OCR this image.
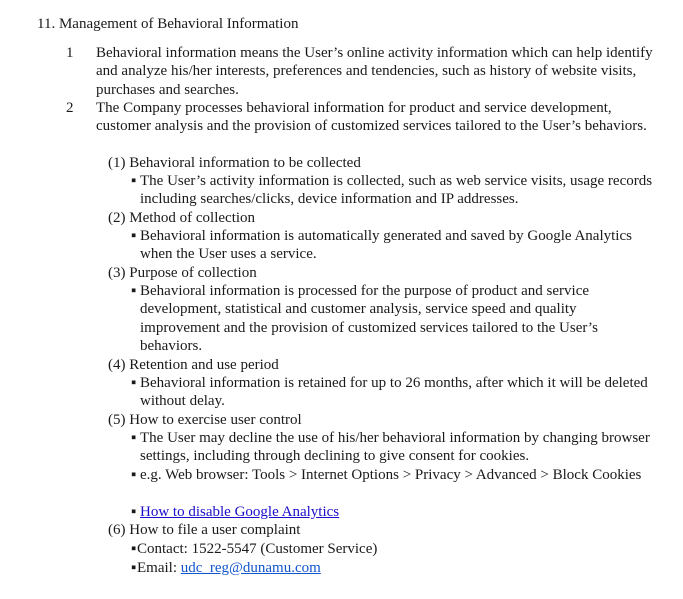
11. Management of Behavioral Information
1 Behavioral information means the User’s online activity information which can help identify and analyze his/her interests, preferences and tendencies, such as history of website visits, purchases and searches.
2 The Company processes behavioral information for product and service development, customer analysis and the provision of customized services tailored to the User’s behaviors.
(1) Behavioral information to be collected
▪ The User’s activity information is collected, such as web service visits, usage records including searches/clicks, device information and IP addresses.
(2) Method of collection
▪ Behavioral information is automatically generated and saved by Google Analytics when the User uses a service.
(3) Purpose of collection
▪ Behavioral information is processed for the purpose of product and service development, statistical and customer analysis, service speed and quality improvement and the provision of customized services tailored to the User’s behaviors.
(4) Retention and use period
▪ Behavioral information is retained for up to 26 months, after which it will be deleted without delay.
(5) How to exercise user control
▪ The User may decline the use of his/her behavioral information by changing browser settings, including through declining to give consent for cookies.
▪ e.g. Web browser: Tools > Internet Options > Privacy > Advanced > Block Cookies
▪ How to disable Google Analytics
(6) How to file a user complaint
▪ Contact: 1522-5547 (Customer Service)
▪ Email: udc_reg@dunamu.com
